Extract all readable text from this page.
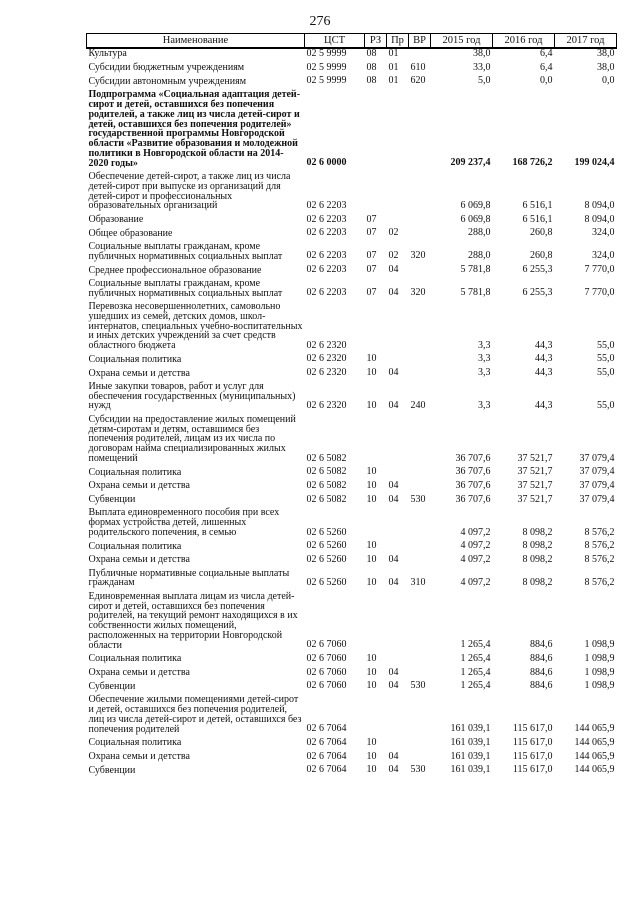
276
Наименование	ЦСТ	РЗ	Пр	ВР	2015 год	2016 год	2017 год
Культура	02 5 9999	08	01		38,0	6,4	38,0
Субсидии бюджетным учреждениям	02 5 9999	08	01	610	33,0	6,4	38,0
Субсидии автономным учреждениям	02 5 9999	08	01	620	5,0	0,0	0,0
Подпрограмма «Социальная адаптация детей-сирот и детей, оставшихся без попечения родителей, а также лиц из числа детей-сирот и детей, оставшихся без попечения родителей» государственной программы Новгородской области «Развитие образования и молодежной политики в Новгородской области на 2014-2020 годы»	02 6 0000				209 237,4	168 726,2	199 024,4
Обеспечение детей-сирот, а также лиц из числа детей-сирот при выпуске из организаций для детей-сирот и профессиональных образовательных организаций	02 6 2203				6 069,8	6 516,1	8 094,0
Образование	02 6 2203	07			6 069,8	6 516,1	8 094,0
Общее образование	02 6 2203	07	02		288,0	260,8	324,0
Социальные выплаты гражданам, кроме публичных нормативных социальных выплат	02 6 2203	07	02	320	288,0	260,8	324,0
Среднее профессиональное образование	02 6 2203	07	04		5 781,8	6 255,3	7 770,0
Социальные выплаты гражданам, кроме публичных нормативных социальных выплат	02 6 2203	07	04	320	5 781,8	6 255,3	7 770,0
Перевозка несовершеннолетних, самовольно ушедших из семей, детских домов, школ-интернатов, специальных учебно-воспитательных и иных детских учреждений за счет средств областного бюджета	02 6 2320				3,3	44,3	55,0
Социальная политика	02 6 2320	10			3,3	44,3	55,0
Охрана семьи и детства	02 6 2320	10	04		3,3	44,3	55,0
Иные закупки товаров, работ и услуг для обеспечения государственных (муниципальных) нужд	02 6 2320	10	04	240	3,3	44,3	55,0
Субсидии на предоставление жилых помещений детям-сиротам и детям, оставшимся без попечения родителей, лицам из их числа по договорам найма специализированных жилых помещений	02 6 5082				36 707,6	37 521,7	37 079,4
Социальная политика	02 6 5082	10			36 707,6	37 521,7	37 079,4
Охрана семьи и детства	02 6 5082	10	04		36 707,6	37 521,7	37 079,4
Субвенции	02 6 5082	10	04	530	36 707,6	37 521,7	37 079,4
Выплата единовременного пособия при всех формах устройства детей, лишенных родительского попечения, в семью	02 6 5260				4 097,2	8 098,2	8 576,2
Социальная политика	02 6 5260	10			4 097,2	8 098,2	8 576,2
Охрана семьи и детства	02 6 5260	10	04		4 097,2	8 098,2	8 576,2
Публичные нормативные социальные выплаты гражданам	02 6 5260	10	04	310	4 097,2	8 098,2	8 576,2
Единовременная выплата лицам из числа детей-сирот и детей, оставшихся без попечения родителей, на текущий ремонт находящихся в их собственности жилых помещений, расположенных на территории Новгородской области	02 6 7060				1 265,4	884,6	1 098,9
Социальная политика	02 6 7060	10			1 265,4	884,6	1 098,9
Охрана семьи и детства	02 6 7060	10	04		1 265,4	884,6	1 098,9
Субвенции	02 6 7060	10	04	530	1 265,4	884,6	1 098,9
Обеспечение жилыми помещениями детей-сирот и детей, оставшихся без попечения родителей, лиц из числа детей-сирот и детей, оставшихся без попечения родителей	02 6 7064				161 039,1	115 617,0	144 065,9
Социальная политика	02 6 7064	10			161 039,1	115 617,0	144 065,9
Охрана семьи и детства	02 6 7064	10	04		161 039,1	115 617,0	144 065,9
Субвенции	02 6 7064	10	04	530	161 039,1	115 617,0	144 065,9
